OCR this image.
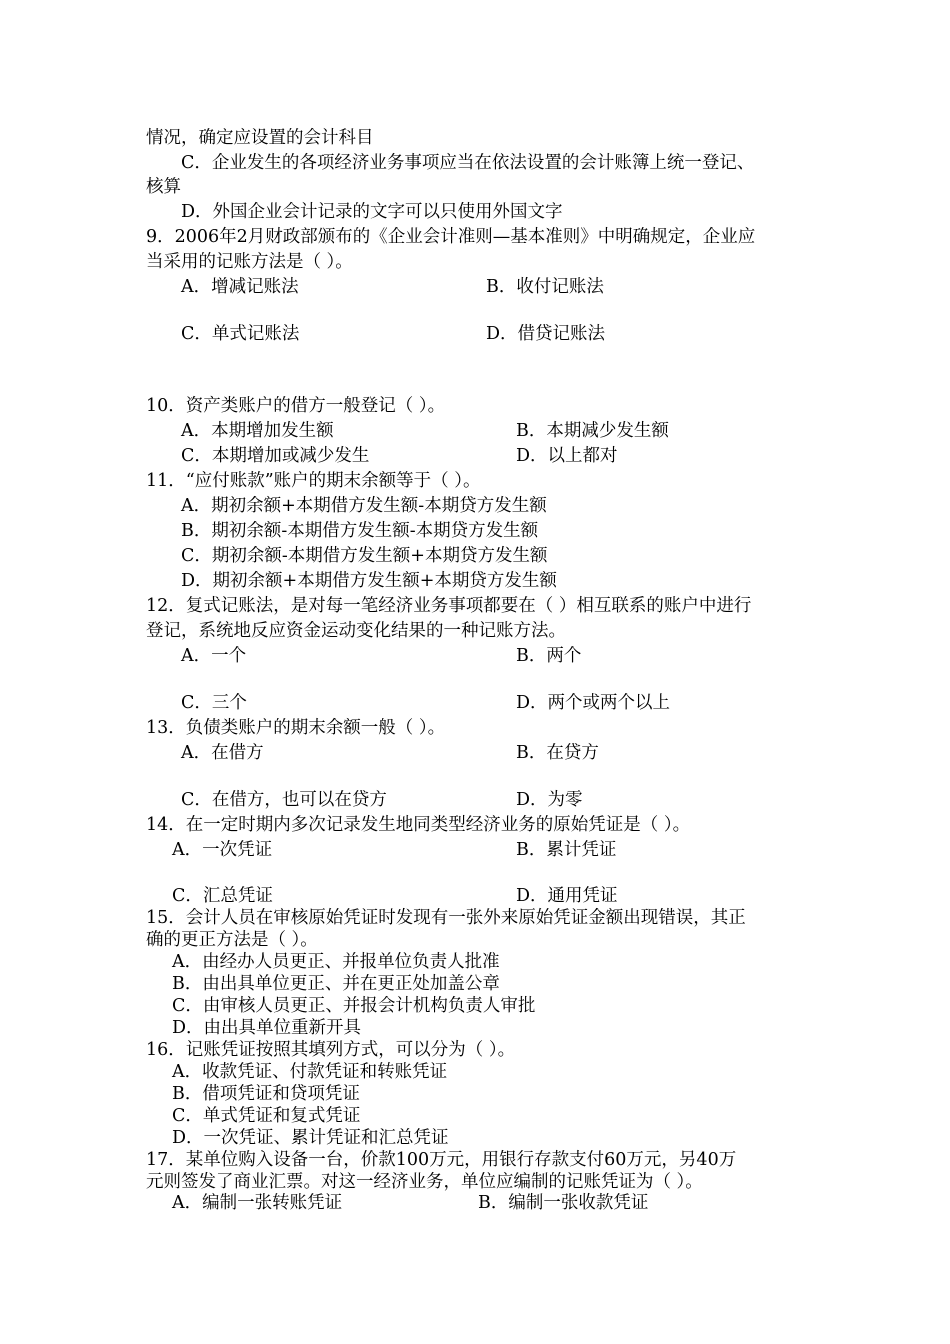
情况，确定应设置的会计科目
C．企业发生的各项经济业务事项应当在依法设置的会计账簿上统一登记、
核算
D．外国企业会计记录的文字可以只使用外国文字
9．2006年2月财政部颁布的《企业会计准则—基本准则》中明确规定，企业应
当采用的记账方法是（ ）。
A．增减记账法	B．收付记账法
C．单式记账法	D．借贷记账法
10．资产类账户的借方一般登记（ ）。
A．本期增加发生额	B．本期减少发生额
C．本期增加或减少发生	D．以上都对
11．“应付账款”账户的期末余额等于（ ）。
A．期初余额+本期借方发生额-本期贷方发生额
B．期初余额-本期借方发生额-本期贷方发生额
C．期初余额-本期借方发生额+本期贷方发生额
D．期初余额+本期借方发生额+本期贷方发生额
12．复式记账法，是对每一笔经济业务事项都要在（ ）相互联系的账户中进行
登记，系统地反应资金运动变化结果的一种记账方法。
A．一个	B．两个
C．三个	D．两个或两个以上
13．负债类账户的期末余额一般（ ）。
A．在借方	B．在贷方
C．在借方，也可以在贷方	D．为零
14．在一定时期内多次记录发生地同类型经济业务的原始凭证是（ ）。
A．一次凭证	B．累计凭证
C．汇总凭证	D．通用凭证
15．会计人员在审核原始凭证时发现有一张外来原始凭证金额出现错误，其正
确的更正方法是（ ）。
A．由经办人员更正、并报单位负责人批准
B．由出具单位更正、并在更正处加盖公章
C．由审核人员更正、并报会计机构负责人审批
D．由出具单位重新开具
16．记账凭证按照其填列方式，可以分为（ ）。
A．收款凭证、付款凭证和转账凭证
B．借项凭证和贷项凭证
C．单式凭证和复式凭证
D．一次凭证、累计凭证和汇总凭证
17．某单位购入设备一台，价款100万元，用银行存款支付60万元，另40万
元则签发了商业汇票。对这一经济业务，单位应编制的记账凭证为（ ）。
A．编制一张转账凭证	B．编制一张收款凭证
